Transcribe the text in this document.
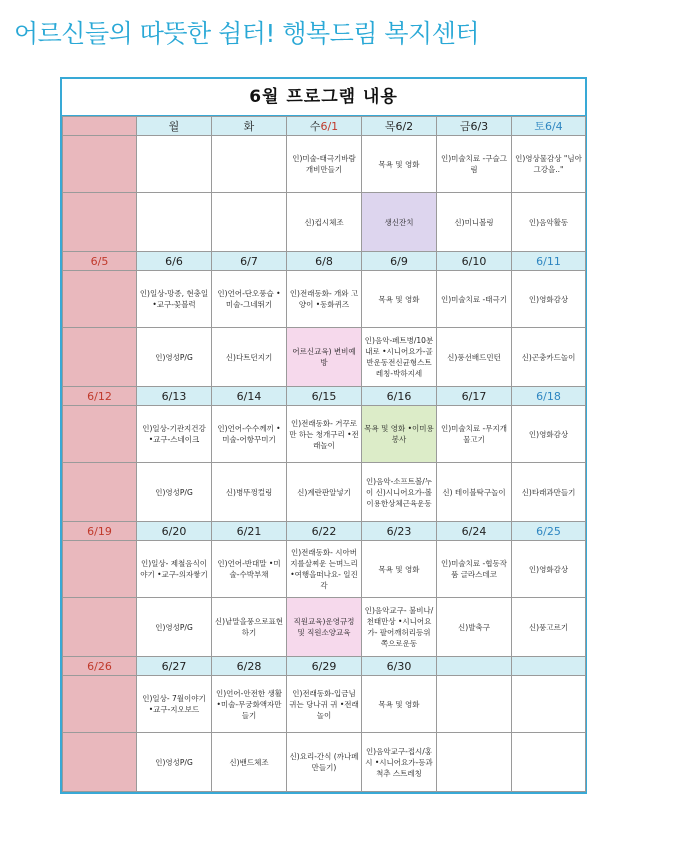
어르신들의 따뜻한 쉼터! 행복드림 복지센터
6월 프로그램 내용
	월	화	수6/1	목6/2	금6/3	토6/4
			인)미술-태극기바람개비만들기	목욕 및 영화	인)미술치료 -구슬그림	인)영상물감상 "님아그강을.."
			신)컵시체조	생신잔치	신)미니볼링	인)음악활동
6/5	6/6	6/7	6/8	6/9	6/10	6/11
	인)일상-망종, 현충일 •교구-꽃블럭	인)언어-단오풍습 •미술-그네뛰기	인)전래동화- 개와 고양이 •동화퀴즈	목욕 및 영화	인)미술치료 -태극기	인)영화감상
	인)영성P/G	신)다트던지기	어르신교육) 변비예방	인)음악-페트병/10분내로 •시니어요가-골반운동전신균형스트레칭-박하지세	신)풍선배드민턴	신)곤충카드놀이
6/12	6/13	6/14	6/15	6/16	6/17	6/18
	인)일상-기관지건강 •교구-스네이크	인)언어-수수께끼 •미술-어항꾸미기	인)전래동화- 거꾸로만 하는 청개구리 •전래놀이	목욕 및 영화 •이미용봉사	인)미술치료 -무지개물고기	인)영화감상
	인)영성P/G	신)병뚜껑컬링	신)계란판알넣기	인)음악-소프트볼/누이 신)시니어요가-볼이용한상체근육운동	신) 테이블탁구놀이	신)타래과만들기
6/19	6/20	6/21	6/22	6/23	6/24	6/25
	인)일상- 제철음식이야기 •교구-의자쌓기	인)언어-반대말 •미술-수박부채	인)전래동화- 시아버지를살찌운 는며느리 •여행을떠나요- 일진각	목욕 및 영화	인)미술치료 -협동작품 글라스데코	인)영화감상
	인)영성P/G	신)낱말을풍으로표현하기	직원교육)운영규정 및 직원소양교육	인)음악교구- 불비나/천태만상 •시니어요가- 팔어깨허리등위쪽으로운동	신)발축구	신)풍고르기
6/26	6/27	6/28	6/29	6/30		
	인)일상- 7월이야기 •교구-지오보드	인)언어-안전한 생활 •미술-무궁화액자만들기	인)전래동화-입금님귀는 당나귀 귀 •전래놀이	목욕 및 영화		
	인)영성P/G	신)밴드체조	신)요리-간식 (까나페만들기)	인)음악교구-접시/홍시 •시니어요가-등과 척추 스트레칭		
